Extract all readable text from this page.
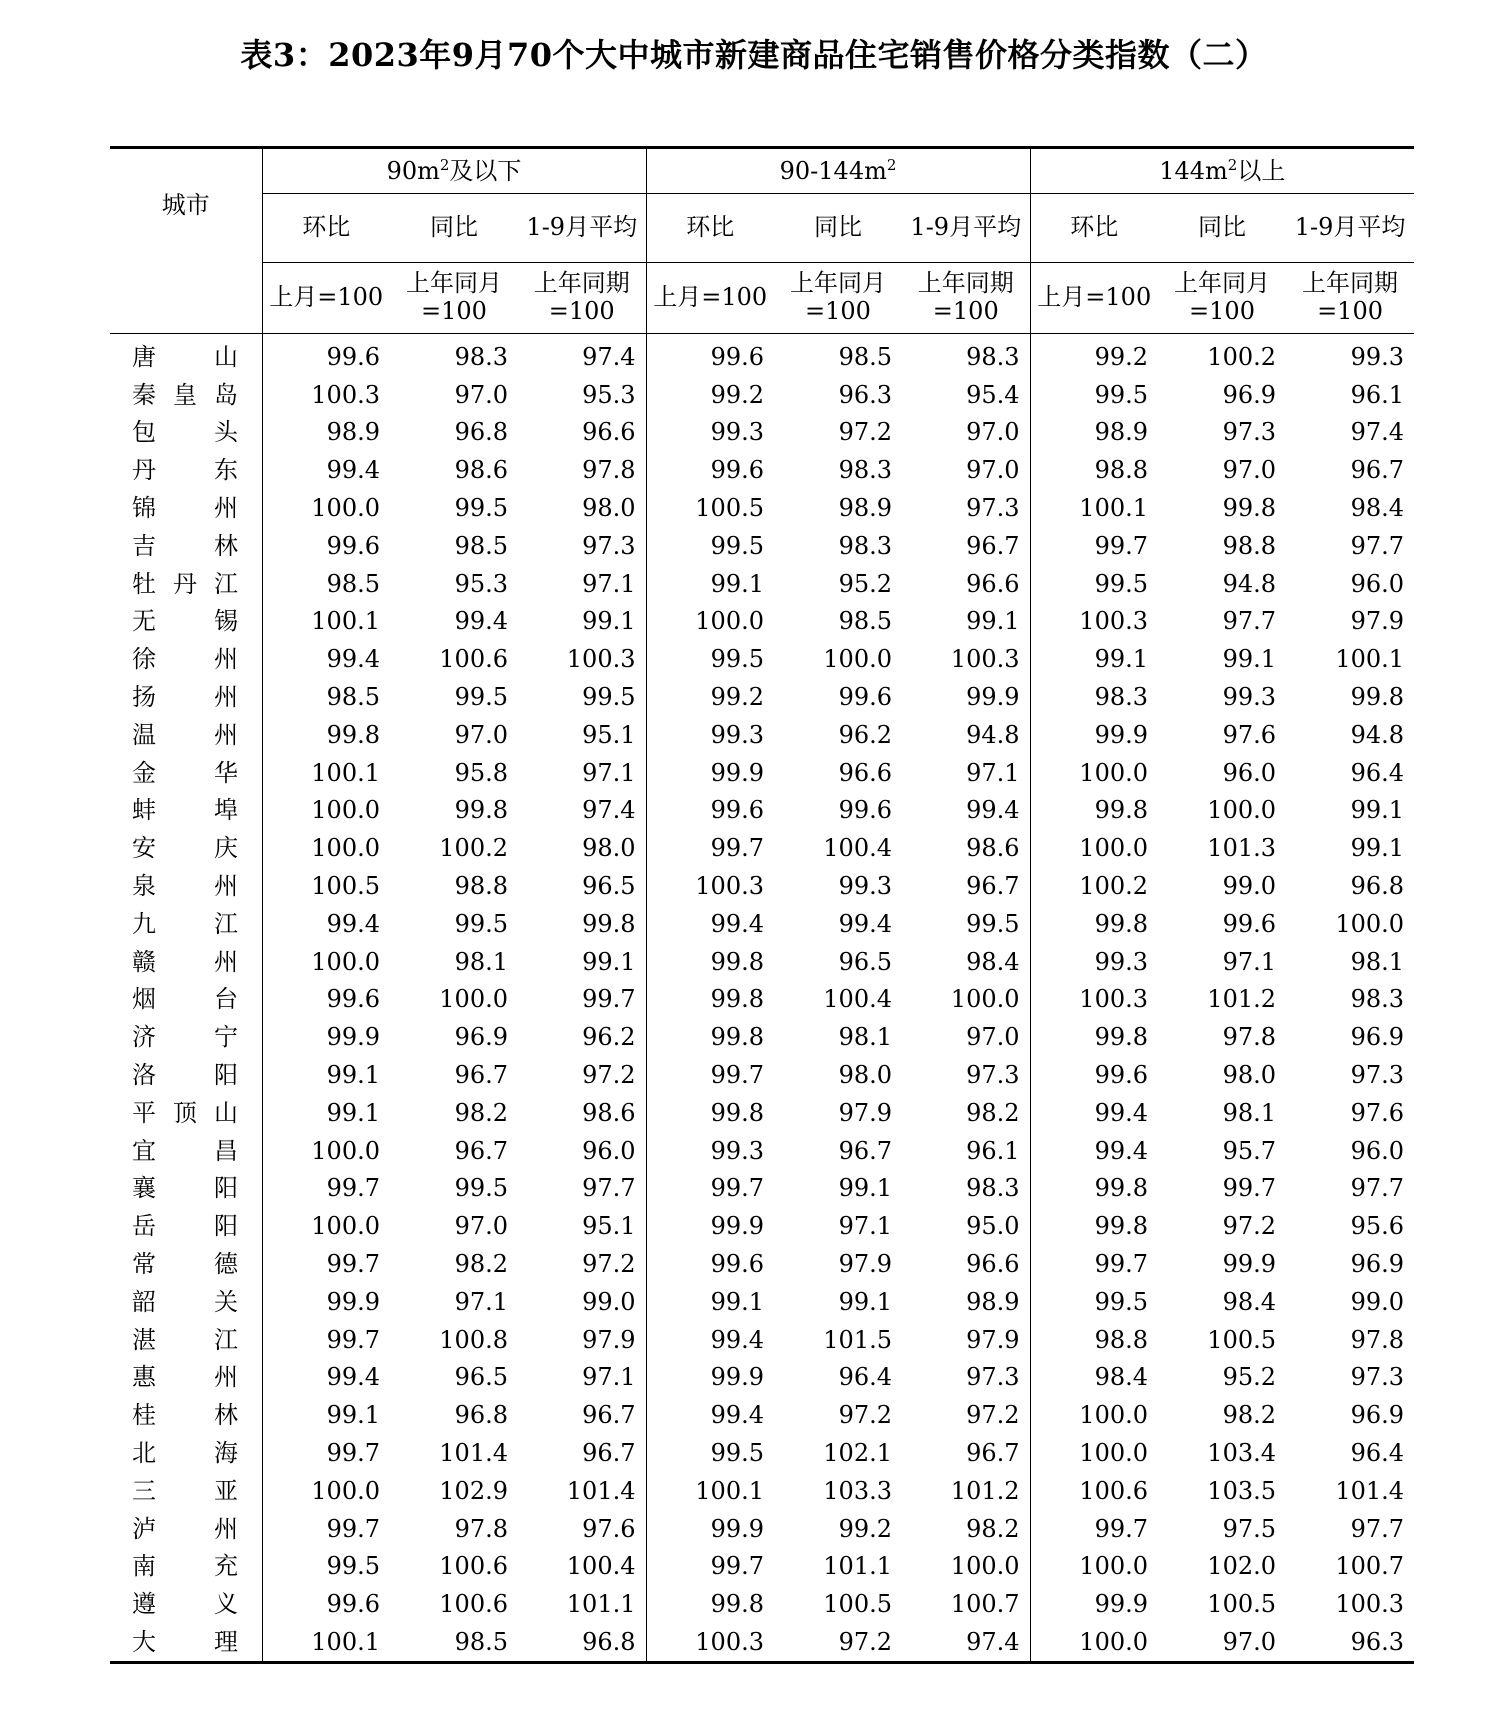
表3：2023年9月70个大中城市新建商品住宅销售价格分类指数（二）
城市	$90m^2$及以下			$90-144m^2$			$144m^2$以上		
	环比	同比	1-9月平均	环比	同比	1-9月平均	环比	同比	1-9月平均
	上月=100	上年同月=100	上年同期=100	上月=100	上年同月=100	上年同期=100	上月=100	上年同月=100	上年同期=100
唐山	99.6	98.3	97.4	99.6	98.5	98.3	99.2	100.2	99.3
秦皇岛	100.3	97.0	95.3	99.2	96.3	95.4	99.5	96.9	96.1
包头	98.9	96.8	96.6	99.3	97.2	97.0	98.9	97.3	97.4
丹东	99.4	98.6	97.8	99.6	98.3	97.0	98.8	97.0	96.7
锦州	100.0	99.5	98.0	100.5	98.9	97.3	100.1	99.8	98.4
吉林	99.6	98.5	97.3	99.5	98.3	96.7	99.7	98.8	97.7
牡丹江	98.5	95.3	97.1	99.1	95.2	96.6	99.5	94.8	96.0
无锡	100.1	99.4	99.1	100.0	98.5	99.1	100.3	97.7	97.9
徐州	99.4	100.6	100.3	99.5	100.0	100.3	99.1	99.1	100.1
扬州	98.5	99.5	99.5	99.2	99.6	99.9	98.3	99.3	99.8
温州	99.8	97.0	95.1	99.3	96.2	94.8	99.9	97.6	94.8
金华	100.1	95.8	97.1	99.9	96.6	97.1	100.0	96.0	96.4
蚌埠	100.0	99.8	97.4	99.6	99.6	99.4	99.8	100.0	99.1
安庆	100.0	100.2	98.0	99.7	100.4	98.6	100.0	101.3	99.1
泉州	100.5	98.8	96.5	100.3	99.3	96.7	100.2	99.0	96.8
九江	99.4	99.5	99.8	99.4	99.4	99.5	99.8	99.6	100.0
赣州	100.0	98.1	99.1	99.8	96.5	98.4	99.3	97.1	98.1
烟台	99.6	100.0	99.7	99.8	100.4	100.0	100.3	101.2	98.3
济宁	99.9	96.9	96.2	99.8	98.1	97.0	99.8	97.8	96.9
洛阳	99.1	96.7	97.2	99.7	98.0	97.3	99.6	98.0	97.3
平顶山	99.1	98.2	98.6	99.8	97.9	98.2	99.4	98.1	97.6
宜昌	100.0	96.7	96.0	99.3	96.7	96.1	99.4	95.7	96.0
襄阳	99.7	99.5	97.7	99.7	99.1	98.3	99.8	99.7	97.7
岳阳	100.0	97.0	95.1	99.9	97.1	95.0	99.8	97.2	95.6
常德	99.7	98.2	97.2	99.6	97.9	96.6	99.7	99.9	96.9
韶关	99.9	97.1	99.0	99.1	99.1	98.9	99.5	98.4	99.0
湛江	99.7	100.8	97.9	99.4	101.5	97.9	98.8	100.5	97.8
惠州	99.4	96.5	97.1	99.9	96.4	97.3	98.4	95.2	97.3
桂林	99.1	96.8	96.7	99.4	97.2	97.2	100.0	98.2	96.9
北海	99.7	101.4	96.7	99.5	102.1	96.7	100.0	103.4	96.4
三亚	100.0	102.9	101.4	100.1	103.3	101.2	100.6	103.5	101.4
泸州	99.7	97.8	97.6	99.9	99.2	98.2	99.7	97.5	97.7
南充	99.5	100.6	100.4	99.7	101.1	100.0	100.0	102.0	100.7
遵义	99.6	100.6	101.1	99.8	100.5	100.7	99.9	100.5	100.3
大理	100.1	98.5	96.8	100.3	97.2	97.4	100.0	97.0	96.3
